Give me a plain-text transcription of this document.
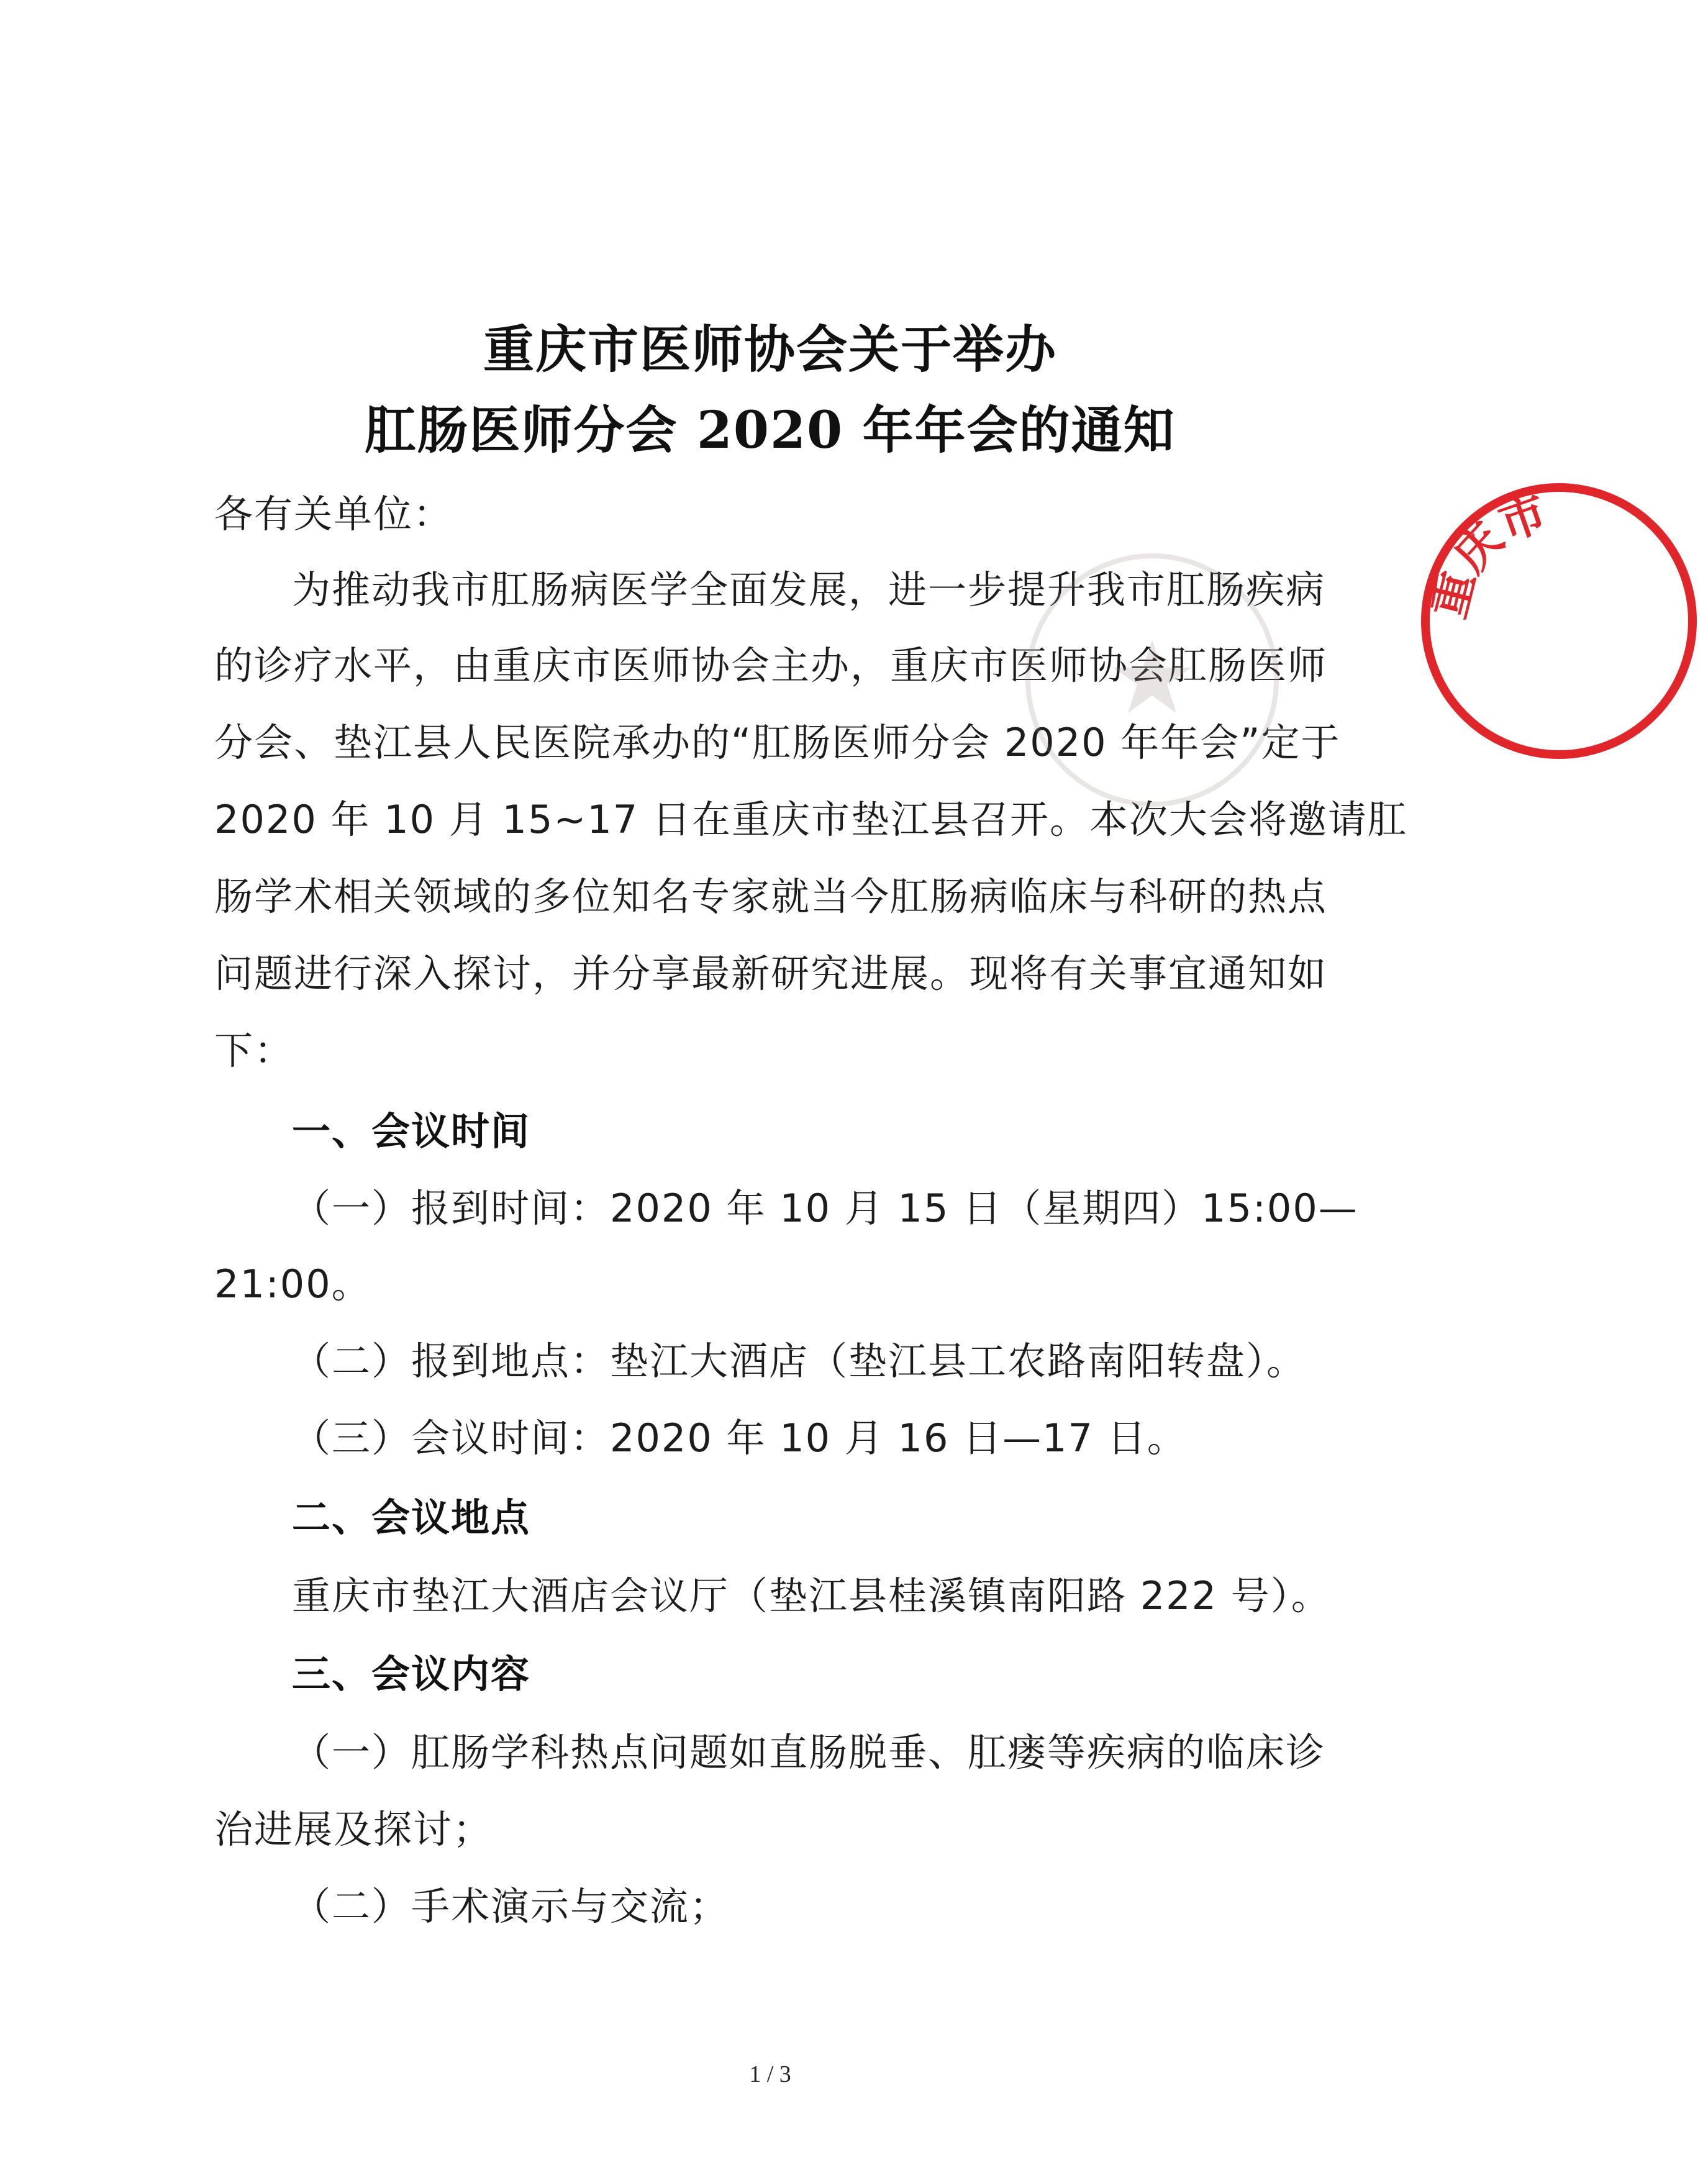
重庆市医师协会关于举办
肛肠医师分会 2020 年年会的通知
各有关单位：
为推动我市肛肠病医学全面发展，进一步提升我市肛肠疾病
的诊疗水平，由重庆市医师协会主办，重庆市医师协会肛肠医师
分会、垫江县人民医院承办的“肛肠医师分会 2020 年年会”定于
2020 年 10 月 15~17 日在重庆市垫江县召开。本次大会将邀请肛
肠学术相关领域的多位知名专家就当今肛肠病临床与科研的热点
问题进行深入探讨，并分享最新研究进展。现将有关事宜通知如
下：
一、会议时间
（一）报到时间：2020 年 10 月 15 日（星期四）15:00—
21:00。
（二）报到地点：垫江大酒店（垫江县工农路南阳转盘）。
（三）会议时间：2020 年 10 月 16 日—17 日。
二、会议地点
重庆市垫江大酒店会议厅（垫江县桂溪镇南阳路 222 号）。
三、会议内容
（一）肛肠学科热点问题如直肠脱垂、肛瘘等疾病的临床诊
治进展及探讨；
（二）手术演示与交流；
1 / 3
重庆市
